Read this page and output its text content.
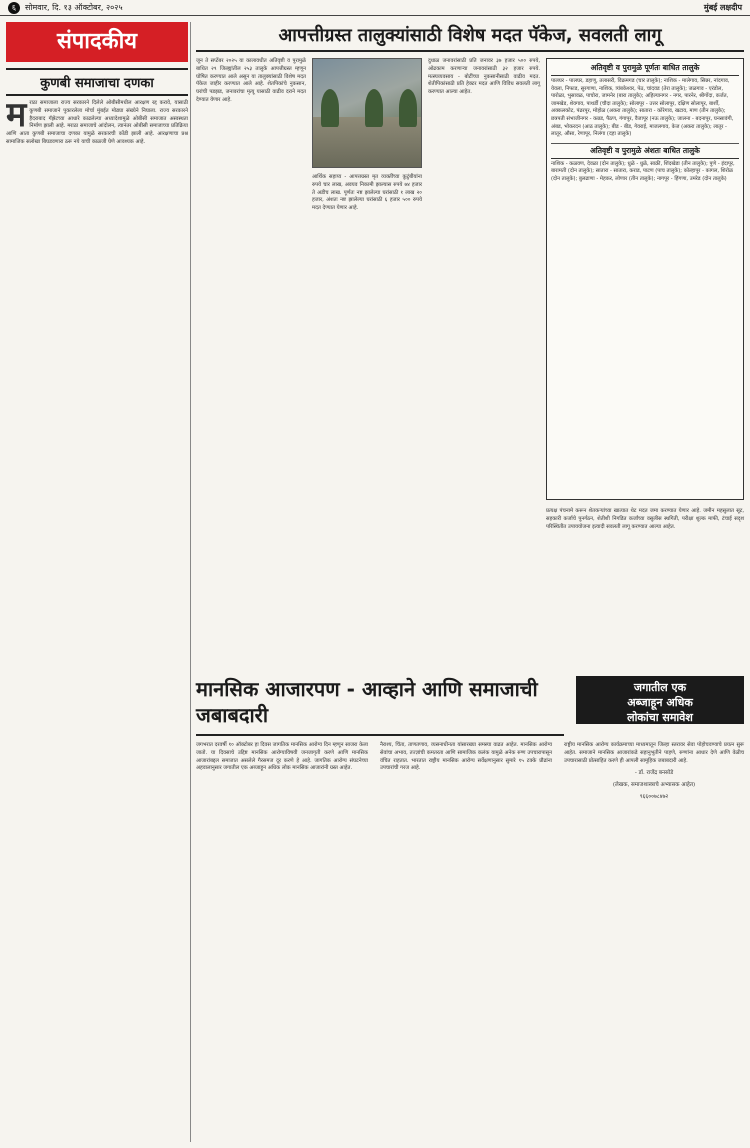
६	सोमवार, दि. १३ ऑक्टोबर, २०२५	मुंबई लक्षदीप
संपादकीय
कुणबी समाजाचा दणका
म राठा समाजाला राज्य सरकारने दिलेले ओबीसीमधील आरक्षण रद्द करावे, यासाठी कुणबी समाजाने पुकारलेला मोर्चा मुंबईत मोठ्या संख्येने निघाला. राज्य सरकारने हैदराबाद गॅझेटच्या आधारे काढलेल्या अध्यादेशामुळे ओबीसी समाजात अस्वस्थता निर्माण झाली आहे. मराठा समाजाचे आंदोलन, त्यानंतर ओबीसी समाजाच्या प्रतिक्रिया आणि आता कुणबी समाजाचा दणका यामुळे सरकारची कोंडी झाली आहे. आरक्षणाचा प्रश्न सामाजिक सलोखा बिघडवणारा ठरू नये याची काळजी घेणे आवश्यक आहे.
आपत्तीग्रस्त तालुक्यांसाठी विशेष मदत पॅकेज, सवलती लागू
जून ते सप्टेंबर २०२५ या कालावधीत अतिवृष्टी व पुरामुळे बाधित २९ जिल्ह्यांतील २५३ तालुके आपत्तीग्रस्त म्हणून घोषित करण्यात आले असून या तालुक्यांसाठी विशेष मदत पॅकेज जाहीर करण्यात आले आहे. शेतपिकांचे नुकसान, घरांची पडझड, जनावरांचा मृत्यू यासाठी वाढीव दराने मदत देण्यात येणार आहे.
आर्थिक सहाय्य - आपत्तग्रस्त मृत व्यक्तींच्या कुटुंबीयांना रुपये चार लाख, अवयव निकामी झाल्यास रुपये ७४ हजार ते अडीच लाख. पूर्णतः नष्ट झालेल्या घरांसाठी १ लाख २० हजार, अंशतः नष्ट झालेल्या घरांसाठी ६ हजार ५०० रुपये मदत देण्यात येणार आहे.
दुधाळ जनावरांसाठी प्रति जनावर ३७ हजार ५०० रुपये, ओढकाम करणाऱ्या जनावरांसाठी ३२ हजार रुपये. मत्स्यव्यवसाय - बोटींच्या नुकसानीसाठी वाढीव मदत. शेतीपिकांसाठी प्रति हेक्टर मदत आणि विविध सवलती लागू करण्यात आल्या आहेत.
अतिवृष्टी व पुरामुळे पूर्णतः बाधित तालुके
पालघर - पालघर, डहाणू, तलासरी, विक्रमगड (चार तालुके); नाशिक - मालेगाव, सिन्नर, नांदगाव, येवला, निफाड, सुरगाणा, नाशिक, त्र्यंबकेश्वर, पेठ, चांदवड (तेरा तालुके); जळगाव - एरंडोल, पारोळा, भुसावळ, पाचोरा, जामनेर (बारा तालुके); अहिल्यानगर - नगर, पारनेर, श्रीगोंदा, कर्जत, जामखेड, शेवगाव, पाथर्डी (चौदा तालुके); सोलापूर - उत्तर सोलापूर, दक्षिण सोलापूर, बार्शी, अक्कलकोट, पंढरपूर, मोहोळ (अकरा तालुके); सातारा - कोरेगाव, खटाव, माण (तीन तालुके); छत्रपती संभाजीनगर - कन्नड, पैठण, गंगापूर, वैजापूर (नऊ तालुके); जालना - बदनापूर, घनसावंगी, अंबड, भोकरदन (आठ तालुके); बीड - बीड, गेवराई, माजलगाव, केज (अकरा तालुके); लातूर - लातूर, औसा, रेणापूर, निलंगा (दहा तालुके)
अतिवृष्टी व पुरामुळे अंशतः बाधित तालुके
नाशिक - कळवण, देवळा (दोन तालुके); धुळे - धुळे, साक्री, शिंदखेडा (तीन तालुके); पुणे - इंदापूर, बारामती (दोन तालुके); सातारा - सातारा, कराड, पाटण (पाच तालुके); कोल्हापूर - कागल, शिरोळ (दोन तालुके); बुलढाणा - मेहकर, लोणार (तीन तालुके); नागपूर - हिंगणा, उमरेड (दोन तालुके)
प्रत्यक्ष पंचनामे करून शेतकऱ्यांच्या खात्यात थेट मदत जमा करण्यात येणार आहे. जमीन महसुलात सूट, सहकारी कर्जाचे पुनर्गठन, शेतीशी निगडित कर्जांच्या वसुलीस स्थगिती, परीक्षा शुल्क माफी, टंचाई सदृश परिस्थितीत उपाययोजना इत्यादी सवलती लागू करण्यात आल्या आहेत.
मानसिक आजारपण - आव्हाने आणि समाजाची जबाबदारी
जगातील एक
अब्जाहून अधिक
लोकांचा समावेश
जगभरात दरवर्षी १० ऑक्टोबर हा दिवस जागतिक मानसिक आरोग्य दिन म्हणून साजरा केला जातो. या दिवसाचे उद्दिष्ट मानसिक आरोग्याविषयी जनजागृती करणे आणि मानसिक आजारांबद्दल समाजात असलेले गैरसमज दूर करणे हे आहे. जागतिक आरोग्य संघटनेच्या अहवालानुसार जगातील एक अब्जाहून अधिक लोक मानसिक आजारांनी ग्रस्त आहेत.
नैराश्य, चिंता, ताणतणाव, व्यसनाधीनता यांसारख्या समस्या वाढत आहेत. मानसिक आरोग्य सेवांचा अभाव, तज्ज्ञांची कमतरता आणि सामाजिक कलंक यामुळे अनेक रुग्ण उपचारापासून वंचित राहतात. भारतात राष्ट्रीय मानसिक आरोग्य सर्वेक्षणानुसार सुमारे १५ टक्के प्रौढांना उपचारांची गरज आहे.
राष्ट्रीय मानसिक आरोग्य कार्यक्रमाच्या माध्यमातून जिल्हा स्तरावर सेवा पोहोचवण्याचे प्रयत्न सुरू आहेत. समाजाने मानसिक आजारांकडे सहानुभूतीने पाहणे, रुग्णांना आधार देणे आणि वेळीच उपचारासाठी प्रोत्साहित करणे ही आपली सामूहिक जबाबदारी आहे.
- डॉ. राजेंद्र बनसोडे
(लेखक, समाजशास्त्राचे अभ्यासक आहेत)
९६६००७८४७२
